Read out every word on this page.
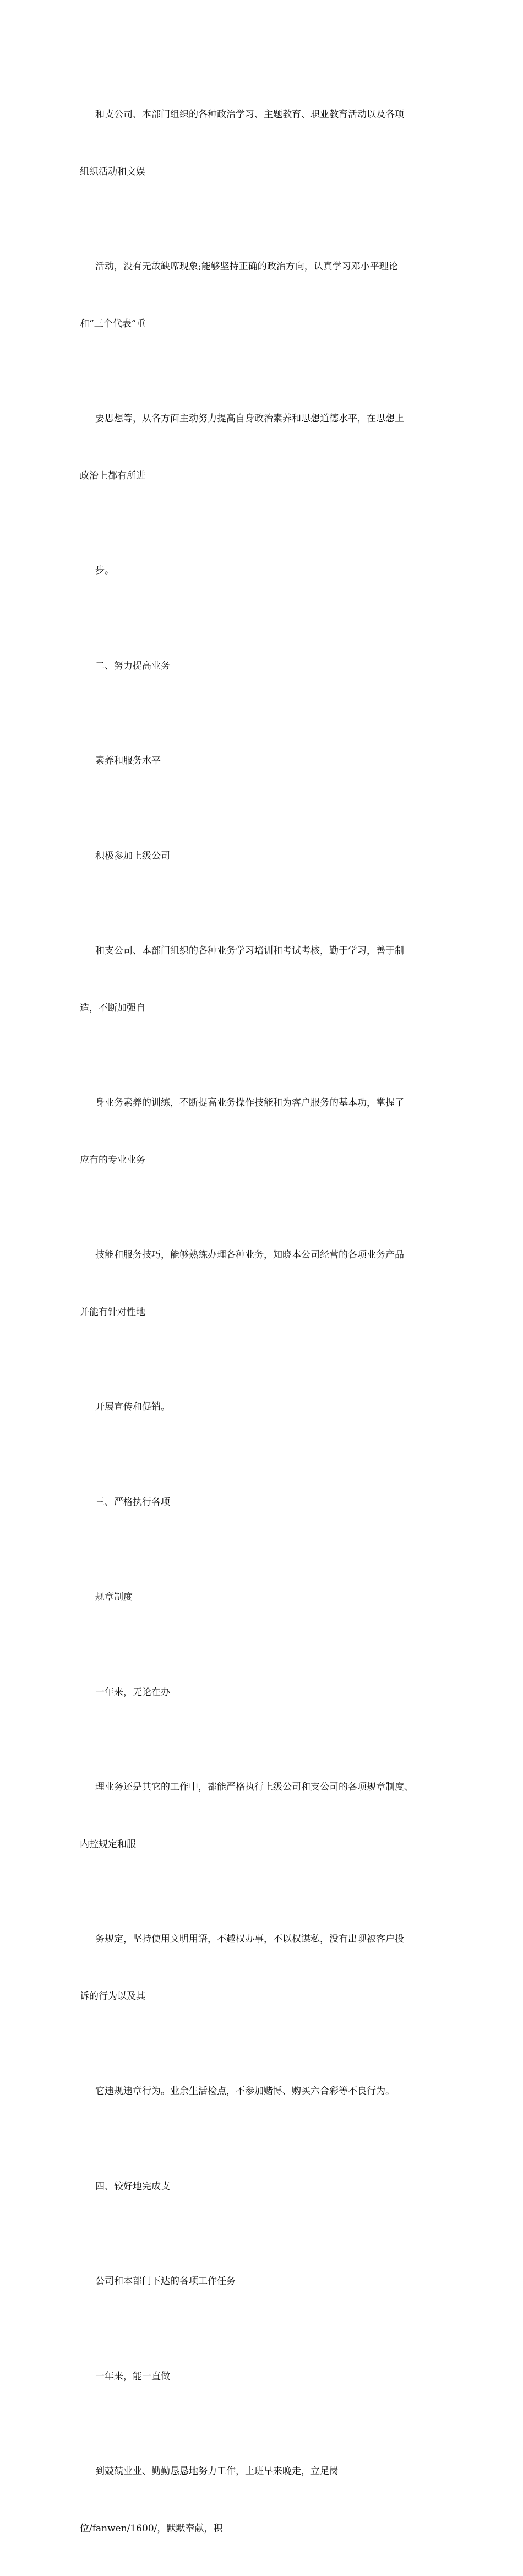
和支公司、本部门组织的各种政治学习、主题教育、职业教育活动以及各项

组织活动和文娱

活动，没有无故缺席现象;能够坚持正确的政治方向，认真学习邓小平理论

和“三个代表”重

要思想等，从各方面主动努力提高自身政治素养和思想道德水平，在思想上

政治上都有所进

步。

二、努力提高业务

素养和服务水平

积极参加上级公司

和支公司、本部门组织的各种业务学习培训和考试考核，勤于学习，善于制

造，不断加强自

身业务素养的训练，不断提高业务操作技能和为客户服务的基本功，掌握了

应有的专业业务

技能和服务技巧，能够熟练办理各种业务，知晓本公司经营的各项业务产品

并能有针对性地

开展宣传和促销。

三、严格执行各项

规章制度

一年来，无论在办

理业务还是其它的工作中，都能严格执行上级公司和支公司的各项规章制度、

内控规定和服

务规定，坚持使用文明用语，不越权办事，不以权谋私，没有出现被客户投

诉的行为以及其

它违规违章行为。业余生活检点，不参加赌博、购买六合彩等不良行为。

四、较好地完成支

公司和本部门下达的各项工作任务

一年来，能一直做

到兢兢业业、勤勤恳恳地努力工作，上班早来晚走，立足岗

位/fanwen/1600/，默默奉献，积
